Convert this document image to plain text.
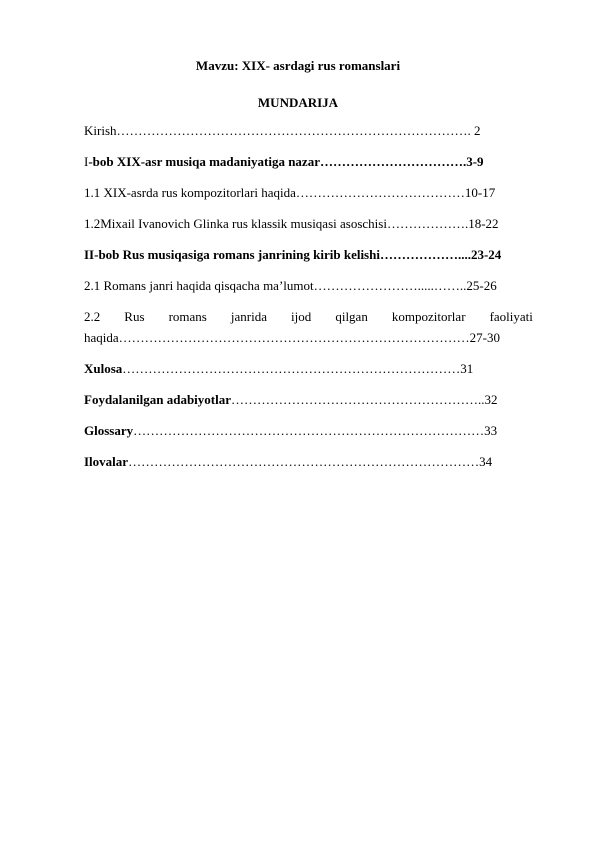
Mavzu: XIX- asrdagi rus romanslari
MUNDARIJA
Kirish………………………………………………………………………. 2
I-bob XIX-asr musiqa madaniyatiga nazar…………………………….3-9
1.1 XIX-asrda rus kompozitorlari haqida…………………………………10-17
1.2Mixail Ivanovich Glinka rus klassik musiqasi asoschisi……………….18-22
II-bob Rus musiqasiga romans janrining kirib kelishi………………....23-24
2.1 Romans janri haqida qisqacha ma’lumot…………………….....……..25-26
2.2 Rus romans janrida ijod qilgan kompozitorlar faoliyati
haqida………………………………………………………………………27-30
Xulosa……………………………………………………………………31
Foydalanilgan adabiyotlar…………………………………………………..32
Glossary………………………………………………………………………33
Ilovalar………………………………………………………………………34
